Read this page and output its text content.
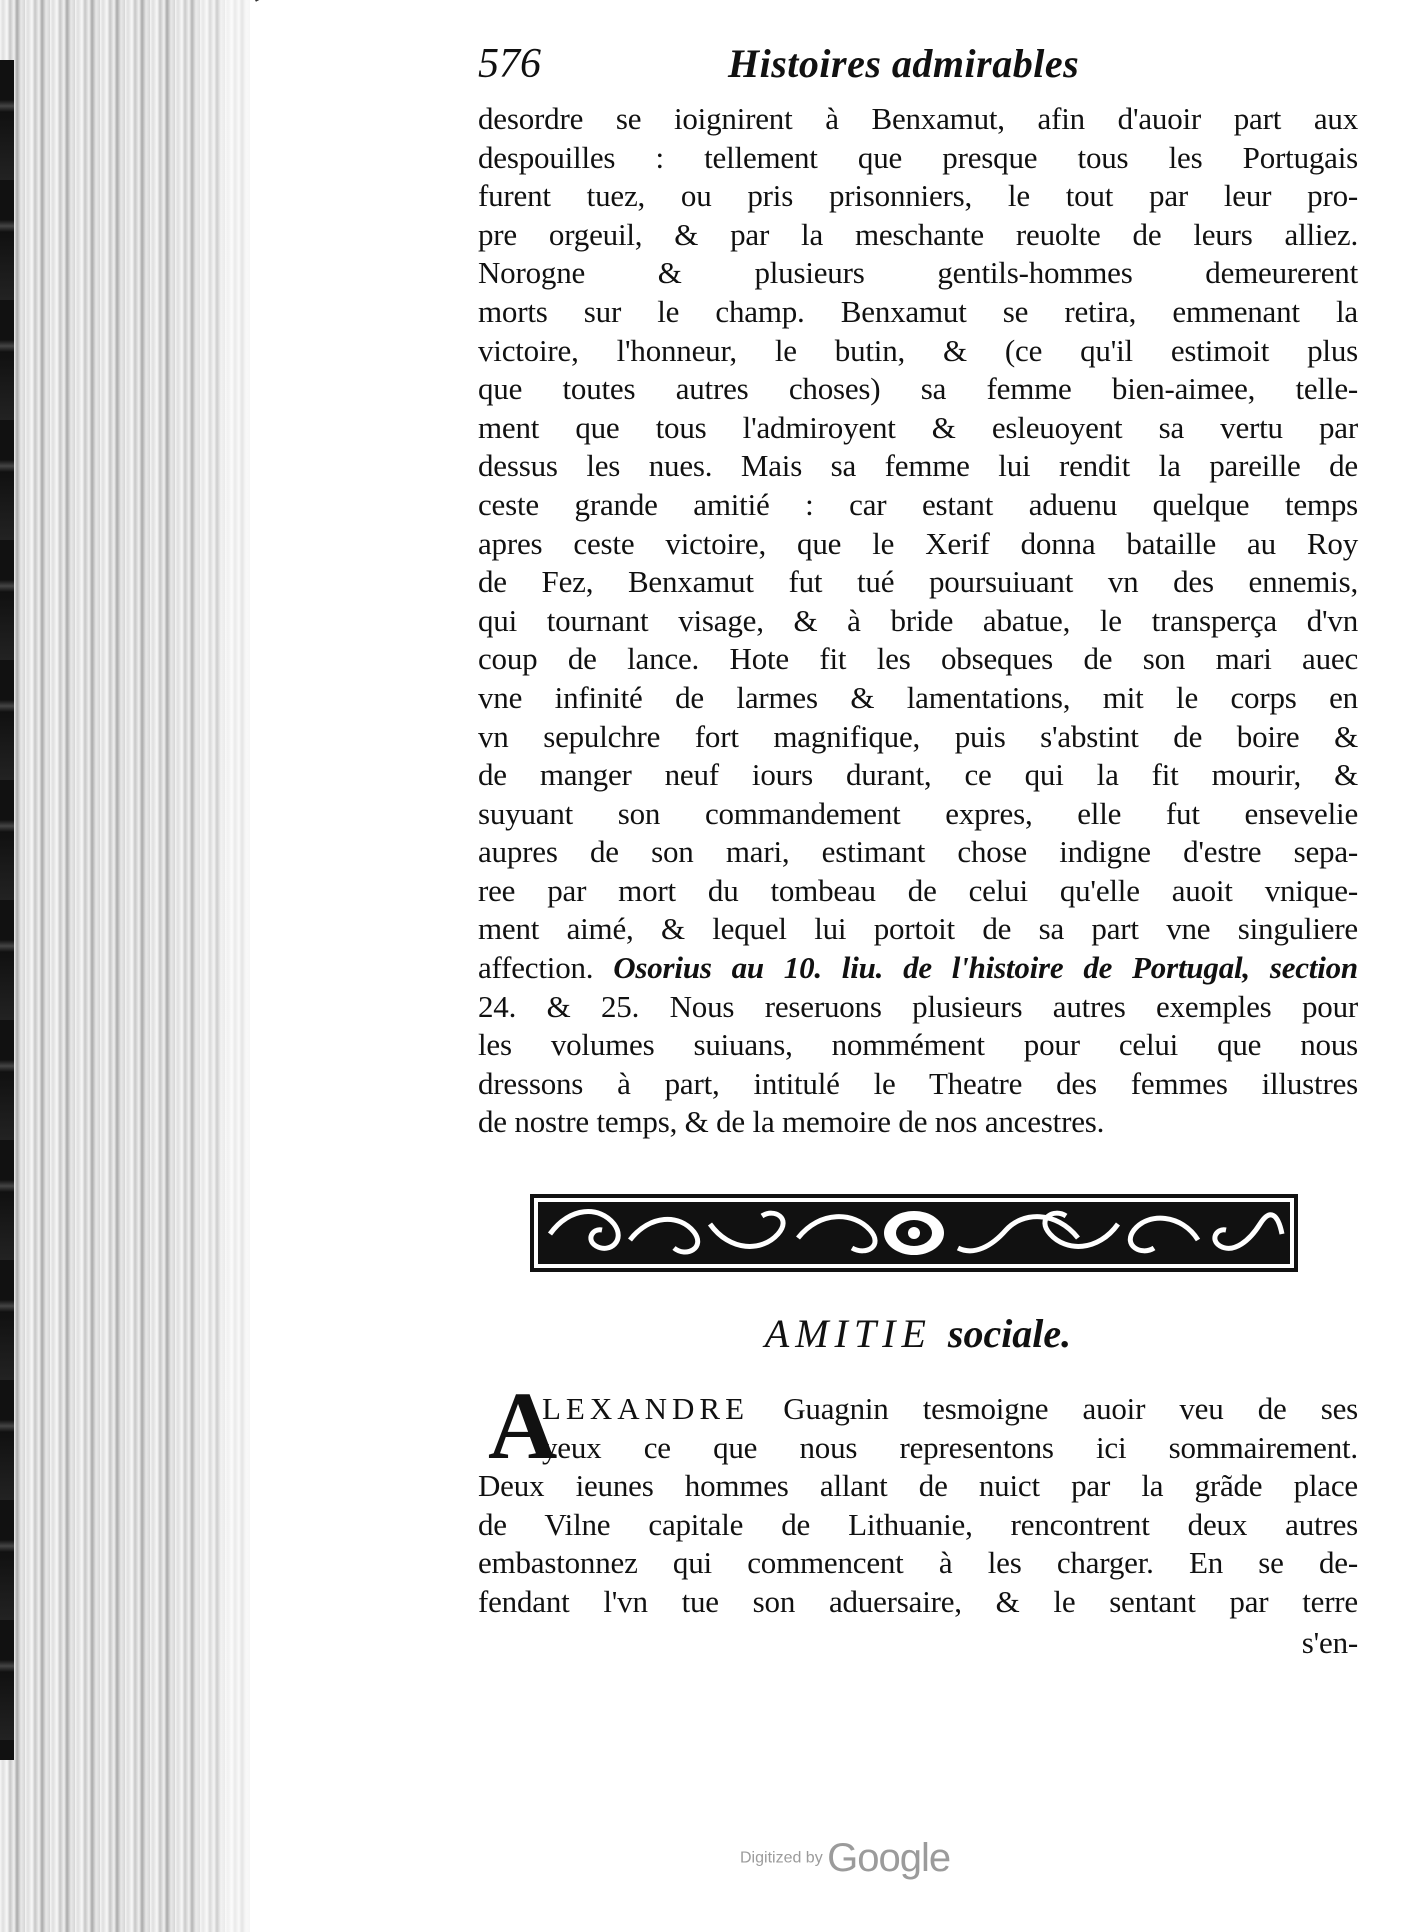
576	Histoires admirables
desordre se ioignirent à Benxamut, afin d'auoir part aux
despouilles : tellement que presque tous les Portugais
furent tuez, ou pris prisonniers, le tout par leur pro-
pre orgeuil, & par la meschante reuolte de leurs alliez.
Norogne & plusieurs gentils-hommes demeurerent
morts sur le champ. Benxamut se retira, emmenant la
victoire, l'honneur, le butin, & (ce qu'il estimoit plus
que toutes autres choses) sa femme bien-aimee, telle-
ment que tous l'admiroyent & esleuoyent sa vertu par
dessus les nues. Mais sa femme lui rendit la pareille de
ceste grande amitié : car estant aduenu quelque temps
apres ceste victoire, que le Xerif donna bataille au Roy
de Fez, Benxamut fut tué poursuiuant vn des ennemis,
qui tournant visage, & à bride abatue, le transperça d'vn
coup de lance. Hote fit les obseques de son mari auec
vne infinité de larmes & lamentations, mit le corps en
vn sepulchre fort magnifique, puis s'abstint de boire &
de manger neuf iours durant, ce qui la fit mourir, &
suyuant son commandement expres, elle fut ensevelie
aupres de son mari, estimant chose indigne d'estre sepa-
ree par mort du tombeau de celui qu'elle auoit vnique-
ment aimé, & lequel lui portoit de sa part vne singuliere
affection. Osorius au 10. liu. de l'histoire de Portugal, section
24. & 25. Nous reseruons plusieurs autres exemples pour
les volumes suiuans, nommément pour celui que nous
dressons à part, intitulé le Theatre des femmes illustres
de nostre temps, & de la memoire de nos ancestres.
AMITIE sociale.
A
LEXANDRE Guagnin tesmoigne auoir veu de ses
yeux ce que nous representons ici sommairement.
Deux ieunes hommes allant de nuict par la grãde place
de Vilne capitale de Lithuanie, rencontrent deux autres
embastonnez qui commencent à les charger. En se de-
fendant l'vn tue son aduersaire, & le sentant par terre
s'en-
Digitized by Google
